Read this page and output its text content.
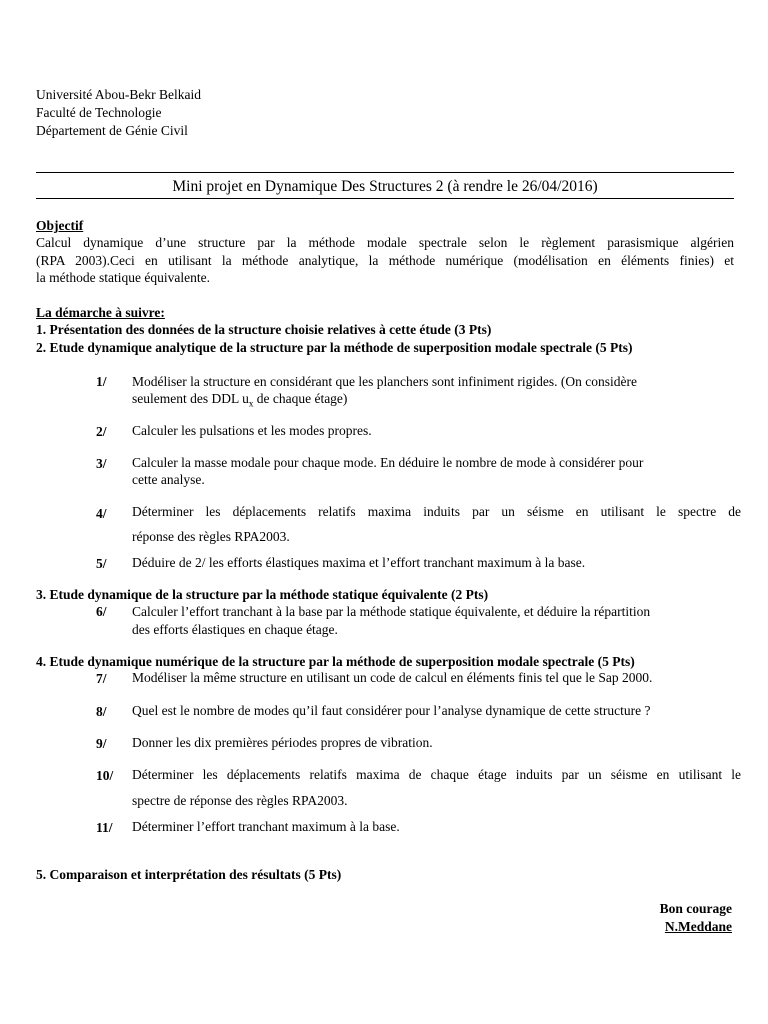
Université Abou-Bekr Belkaid
Faculté de Technologie
Département de Génie Civil
Mini projet en Dynamique Des Structures 2 (à rendre le 26/04/2016)
Objectif
Calcul dynamique d’une structure par la méthode modale spectrale selon le règlement parasismique algérien
(RPA 2003).Ceci en utilisant la méthode analytique, la méthode numérique (modélisation en éléments finies) et
la méthode statique équivalente.
La démarche à suivre:
1. Présentation des données de la structure choisie relatives à cette étude (3 Pts)
2. Etude dynamique analytique de la structure par la méthode de superposition modale spectrale (5 Pts)
1/ Modéliser la structure en considérant que les planchers sont infiniment rigides. (On considère
seulement des DDL $u_x$ de chaque étage)
2/ Calculer les pulsations et les modes propres.
3/ Calculer la masse modale pour chaque mode. En déduire le nombre de mode à considérer pour
cette analyse.
4/ Déterminer les déplacements relatifs maxima induits par un séisme en utilisant le spectre de
réponse des règles RPA2003.
5/ Déduire de 2/ les efforts élastiques maxima et l’effort tranchant maximum à la base.
3. Etude dynamique de la structure par la méthode statique équivalente (2 Pts)
6/ Calculer l’effort tranchant à la base par la méthode statique équivalente, et déduire la répartition
des efforts élastiques en chaque étage.
4. Etude dynamique numérique de la structure par la méthode de superposition modale spectrale (5 Pts)
7/ Modéliser la même structure en utilisant un code de calcul en éléments finis tel que le Sap 2000.
8/ Quel est le nombre de modes qu’il faut considérer pour l’analyse dynamique de cette structure ?
9/ Donner les dix premières périodes propres de vibration.
10/ Déterminer les déplacements relatifs maxima de chaque étage induits par un séisme en utilisant le
spectre de réponse des règles RPA2003.
11/ Déterminer l’effort tranchant maximum à la base.
5. Comparaison et interprétation des résultats (5 Pts)
Bon courage
N.Meddane
